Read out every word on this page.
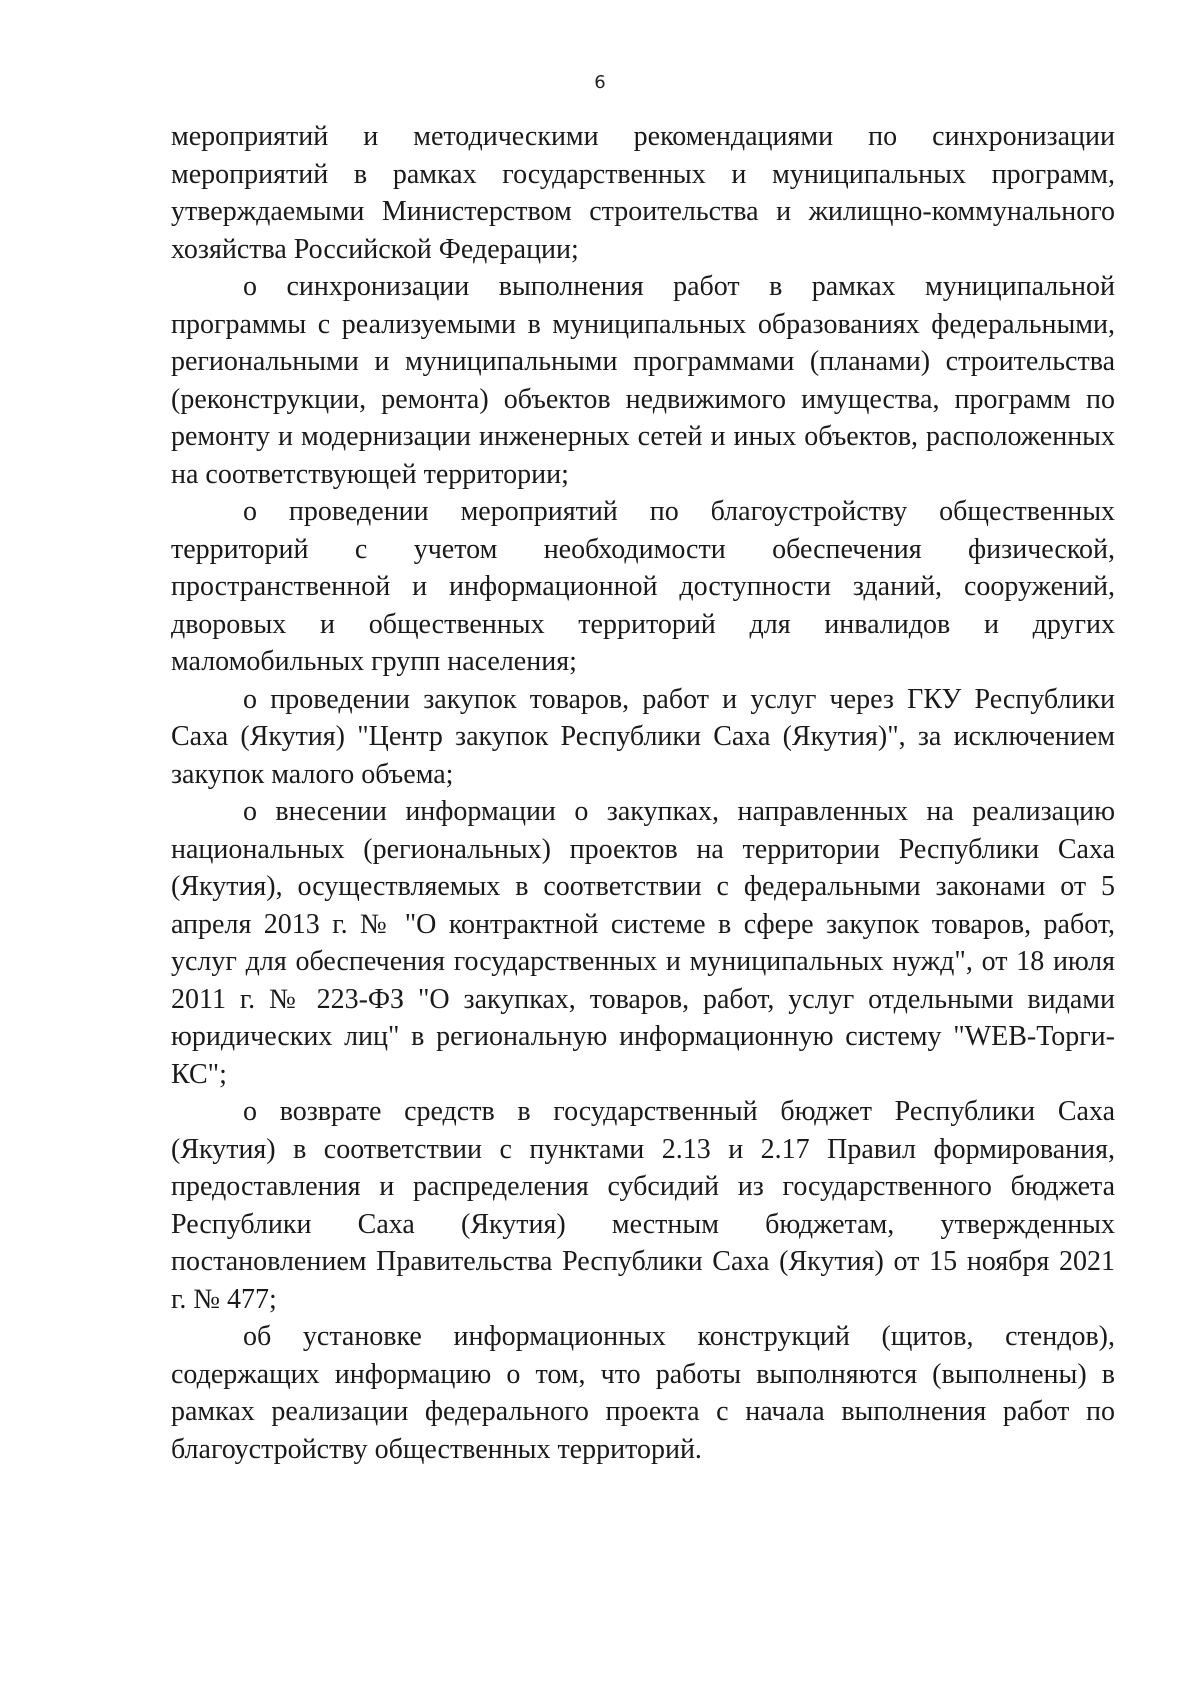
6

мероприятий и методическими рекомендациями по синхронизации мероприятий в рамках государственных и муниципальных программ, утверждаемыми Министерством строительства и жилищно-коммунального хозяйства Российской Федерации;

о синхронизации выполнения работ в рамках муниципальной программы с реализуемыми в муниципальных образованиях федеральными, региональными и муниципальными программами (планами) строительства (реконструкции, ремонта) объектов недвижимого имущества, программ по ремонту и модернизации инженерных сетей и иных объектов, расположенных на соответствующей территории;

о проведении мероприятий по благоустройству общественных территорий с учетом необходимости обеспечения физической, пространственной и информационной доступности зданий, сооружений, дворовых и общественных территорий для инвалидов и других маломобильных групп населения;

о проведении закупок товаров, работ и услуг через ГКУ Республики Саха (Якутия) "Центр закупок Республики Саха (Якутия)", за исключением закупок малого объема;

о внесении информации о закупках, направленных на реализацию национальных (региональных) проектов на территории Республики Саха (Якутия), осуществляемых в соответствии с федеральными законами от 5 апреля 2013 г. № "О контрактной системе в сфере закупок товаров, работ, услуг для обеспечения государственных и муниципальных нужд", от 18 июля 2011 г. № 223-ФЗ "О закупках, товаров, работ, услуг отдельными видами юридических лиц" в региональную информационную систему "WEB-Торги-КС";

о возврате средств в государственный бюджет Республики Саха (Якутия) в соответствии с пунктами 2.13 и 2.17 Правил формирования, предоставления и распределения субсидий из государственного бюджета Республики Саха (Якутия) местным бюджетам, утвержденных постановлением Правительства Республики Саха (Якутия) от 15 ноября 2021 г. № 477;

об установке информационных конструкций (щитов, стендов), содержащих информацию о том, что работы выполняются (выполнены) в рамках реализации федерального проекта с начала выполнения работ по благоустройству общественных территорий.
